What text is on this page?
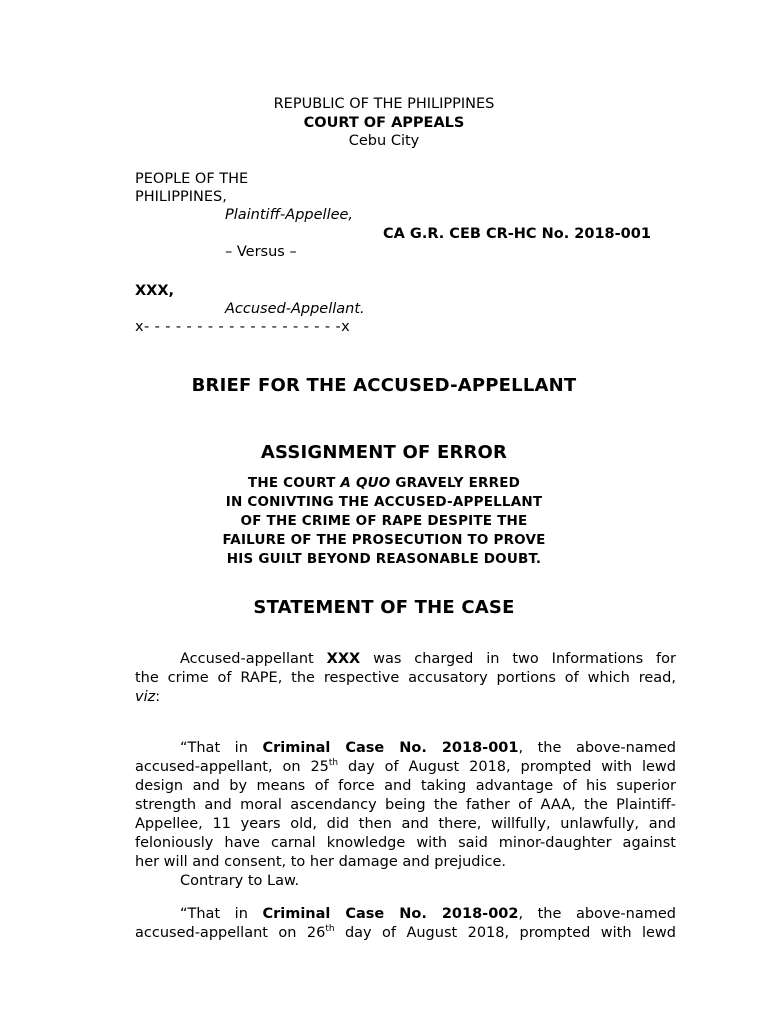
REPUBLIC OF THE PHILIPPINES
COURT OF APPEALS
Cebu City
PEOPLE OF THE
PHILIPPINES,
Plaintiff-Appellee,
CA G.R. CEB CR-HC No. 2018-001
– Versus –
XXX,
Accused-Appellant.
x- - - - - - - - - - - - - - - - - - -x
BRIEF FOR THE ACCUSED-APPELLANT
ASSIGNMENT OF ERROR
THE COURT A QUO GRAVELY ERRED
IN CONIVTING THE ACCUSED-APPELLANT
OF THE CRIME OF RAPE DESPITE THE
FAILURE OF THE PROSECUTION TO PROVE
HIS GUILT BEYOND REASONABLE DOUBT.
STATEMENT OF THE CASE
Accused-appellant XXX was charged in two Informations for
the crime of RAPE, the respective accusatory portions of which read,
viz:
“That in Criminal Case No. 2018-001, the above-named
accused-appellant, on 25th day of August 2018, prompted with lewd
design and by means of force and taking advantage of his superior
strength and moral ascendancy being the father of AAA, the Plaintiff-
Appellee, 11 years old, did then and there, willfully, unlawfully, and
feloniously have carnal knowledge with said minor-daughter against
her will and consent, to her damage and prejudice.
Contrary to Law.
“That in Criminal Case No. 2018-002, the above-named
accused-appellant on 26th day of August 2018, prompted with lewd
